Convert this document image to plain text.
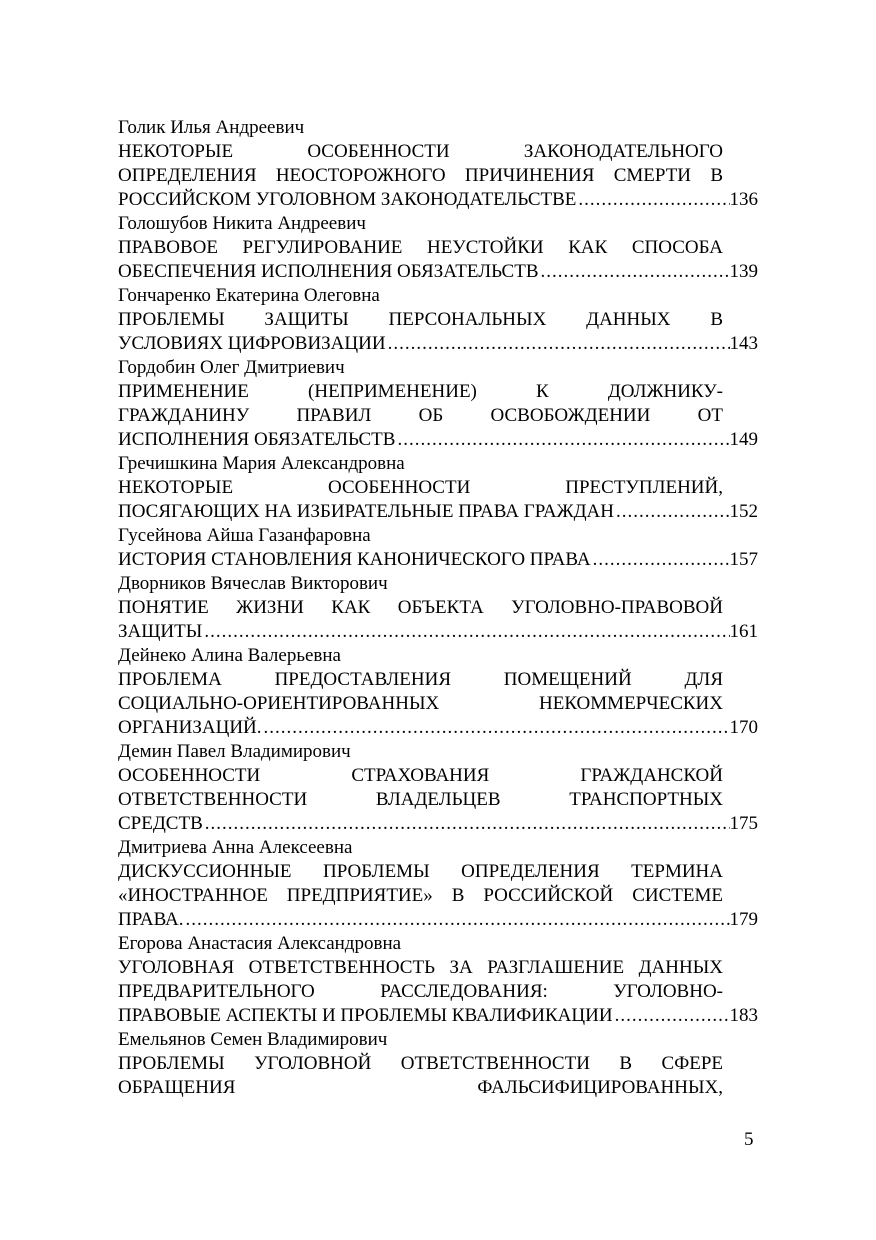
Голик Илья Андреевич
НЕКОТОРЫЕ ОСОБЕННОСТИ ЗАКОНОДАТЕЛЬНОГО
ОПРЕДЕЛЕНИЯ НЕОСТОРОЖНОГО ПРИЧИНЕНИЯ СМЕРТИ В
РОССИЙСКОМ УГОЛОВНОМ ЗАКОНОДАТЕЛЬСТВЕ .....	136
Голошубов Никита Андреевич
ПРАВОВОЕ РЕГУЛИРОВАНИЕ НЕУСТОЙКИ КАК СПОСОБА
ОБЕСПЕЧЕНИЯ ИСПОЛНЕНИЯ ОБЯЗАТЕЛЬСТВ .....	139
Гончаренко Екатерина Олеговна
ПРОБЛЕМЫ ЗАЩИТЫ ПЕРСОНАЛЬНЫХ ДАННЫХ В
УСЛОВИЯХ ЦИФРОВИЗАЦИИ .....	143
Гордобин Олег Дмитриевич
ПРИМЕНЕНИЕ (НЕПРИМЕНЕНИЕ) К ДОЛЖНИКУ-
ГРАЖДАНИНУ ПРАВИЛ ОБ ОСВОБОЖДЕНИИ ОТ
ИСПОЛНЕНИЯ ОБЯЗАТЕЛЬСТВ .....	149
Гречишкина Мария Александровна
НЕКОТОРЫЕ ОСОБЕННОСТИ ПРЕСТУПЛЕНИЙ,
ПОСЯГАЮЩИХ НА ИЗБИРАТЕЛЬНЫЕ ПРАВА ГРАЖДАН .....	152
Гусейнова Айша Газанфаровна
ИСТОРИЯ СТАНОВЛЕНИЯ КАНОНИЧЕСКОГО ПРАВА .....	157
Дворников Вячеслав Викторович
ПОНЯТИЕ ЖИЗНИ КАК ОБЪЕКТА УГОЛОВНО-ПРАВОВОЙ
ЗАЩИТЫ .....	161
Дейнеко Алина Валерьевна
ПРОБЛЕМА ПРЕДОСТАВЛЕНИЯ ПОМЕЩЕНИЙ ДЛЯ
СОЦИАЛЬНО-ОРИЕНТИРОВАННЫХ НЕКОММЕРЧЕСКИХ
ОРГАНИЗАЦИЙ. .....	170
Демин Павел Владимирович
ОСОБЕННОСТИ СТРАХОВАНИЯ ГРАЖДАНСКОЙ
ОТВЕТСТВЕННОСТИ ВЛАДЕЛЬЦЕВ ТРАНСПОРТНЫХ
СРЕДСТВ .....	175
Дмитриева Анна Алексеевна
ДИСКУССИОННЫЕ ПРОБЛЕМЫ ОПРЕДЕЛЕНИЯ ТЕРМИНА
«ИНОСТРАННОЕ ПРЕДПРИЯТИЕ» В РОССИЙСКОЙ СИСТЕМЕ
ПРАВА. .....	179
Егорова Анастасия Александровна
УГОЛОВНАЯ ОТВЕТСТВЕННОСТЬ ЗА РАЗГЛАШЕНИЕ ДАННЫХ
ПРЕДВАРИТЕЛЬНОГО РАССЛЕДОВАНИЯ: УГОЛОВНО-
ПРАВОВЫЕ АСПЕКТЫ И ПРОБЛЕМЫ КВАЛИФИКАЦИИ .....	183
Емельянов Семен Владимирович
ПРОБЛЕМЫ УГОЛОВНОЙ ОТВЕТСТВЕННОСТИ В СФЕРЕ
ОБРАЩЕНИЯ ФАЛЬСИФИЦИРОВАННЫХ,
5
